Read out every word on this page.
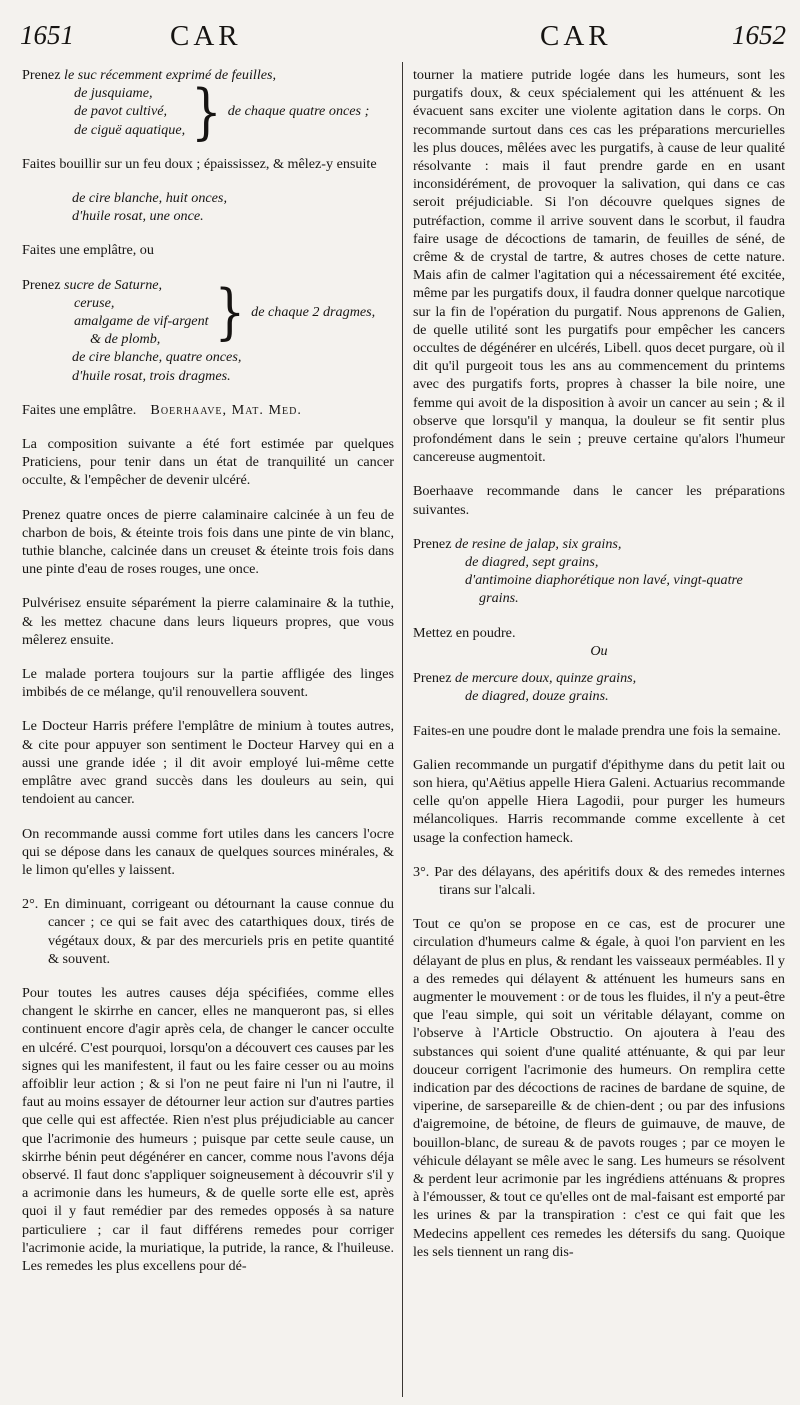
1651	CAR	CAR	1652
Prenez le suc récemment exprimé de feuilles,
de jusquiame,
de pavot cultivé,
de ciguë aquatique, } de chaque quatre onces ;

Faites bouillir sur un feu doux ; épaississez, & mêlez-y ensuite

de cire blanche, huit onces,
d'huile rosat, une once.

Faites une emplâtre, ou

Prenez sucre de Saturne,
ceruse,
amalgame de vif-argent
& de plomb,	} de chaque 2 dragmes,
de cire blanche, quatre onces,
d'huile rosat, trois dragmes.

Faites une emplâtre. Boerhaave, Mat. Med.

La composition suivante a été fort estimée par quelques Praticiens, pour tenir dans un état de tranquilité un cancer occulte, & l'empêcher de devenir ulcéré.

Prenez quatre onces de pierre calaminaire calcinée à un feu de charbon de bois, & éteinte trois fois dans une pinte de vin blanc, tuthie blanche, calcinée dans un creuset & éteinte trois fois dans une pinte d'eau de roses rouges, une once.

Pulvérisez ensuite séparément la pierre calaminaire & la tuthie, & les mettez chacune dans leurs liqueurs propres, que vous mêlerez ensuite.

Le malade portera toujours sur la partie affligée des linges imbibés de ce mélange, qu'il renouvellera souvent.

Le Docteur Harris préfere l'emplâtre de minium à toutes autres, & cite pour appuyer son sentiment le Docteur Harvey qui en a aussi une grande idée ; il dit avoir employé lui-même cette emplâtre avec grand succès dans les douleurs au sein, qui tendoient au cancer.

On recommande aussi comme fort utiles dans les cancers l'ocre qui se dépose dans les canaux de quelques sources minérales, & le limon qu'elles y laissent.

2°. En diminuant, corrigeant ou détournant la cause connue du cancer ; ce qui se fait avec des catarthiques doux, tirés de végétaux doux, & par des mercuriels pris en petite quantité & souvent.

Pour toutes les autres causes déja spécifiées, comme elles changent le skirrhe en cancer, elles ne manqueront pas, si elles continuent encore d'agir après cela, de changer le cancer occulte en ulcéré. C'est pourquoi, lorsqu'on a découvert ces causes par les signes qui les manifestent, il faut ou les faire cesser ou au moins affoiblir leur action ; & si l'on ne peut faire ni l'un ni l'autre, il faut au moins essayer de détourner leur action sur d'autres parties que celle qui est affectée. Rien n'est plus préjudiciable au cancer que l'acrimonie des humeurs ; puisque par cette seule cause, un skirrhe bénin peut dégénérer en cancer, comme nous l'avons déja observé. Il faut donc s'appliquer soigneusement à découvrir s'il y a acrimonie dans les humeurs, & de quelle sorte elle est, après quoi il y faut remédier par des remedes opposés à sa nature particuliere ; car il faut différens remedes pour corriger l'acrimonie acide, la muriatique, la putride, la rance, & l'huileuse. Les remedes les plus excellens pour dé-

tourner la matiere putride logée dans les humeurs, sont les purgatifs doux, & ceux spécialement qui les atténuent & les évacuent sans exciter une violente agitation dans le corps. On recommande surtout dans ces cas les préparations mercurielles les plus douces, mêlées avec les purgatifs, à cause de leur qualité résolvante : mais il faut prendre garde en en usant inconsidérément, de provoquer la salivation, qui dans ce cas seroit préjudiciable. Si l'on découvre quelques signes de putréfaction, comme il arrive souvent dans le scorbut, il faudra faire usage de décoctions de tamarin, de feuilles de séné, de crême & de crystal de tartre, & autres choses de cette nature. Mais afin de calmer l'agitation qui a nécessairement été excitée, même par les purgatifs doux, il faudra donner quelque narcotique sur la fin de l'opération du purgatif. Nous apprenons de Galien, de quelle utilité sont les purgatifs pour empêcher les cancers occultes de dégénérer en ulcérés, Libell. quos decet purgare, où il dit qu'il purgeoit tous les ans au commencement du printems avec des purgatifs forts, propres à chasser la bile noire, une femme qui avoit de la disposition à avoir un cancer au sein ; & il observe que lorsqu'il y manqua, la douleur se fit sentir plus profondément dans le sein ; preuve certaine qu'alors l'humeur cancereuse augmentoit.

Boerhaave recommande dans le cancer les préparations suivantes.

Prenez de resine de jalap, six grains,
de diagred, sept grains,
d'antimoine diaphorétique non lavé, vingt-quatre
grains.

Mettez en poudre.

Ou

Prenez de mercure doux, quinze grains,
de diagred, douze grains.

Faites-en une poudre dont le malade prendra une fois la semaine.

Galien recommande un purgatif d'épithyme dans du petit lait ou son hiera, qu'Aëtius appelle Hiera Galeni. Actuarius recommande celle qu'on appelle Hiera Lagodii, pour purger les humeurs mélancoliques. Harris recommande comme excellente à cet usage la confection hameck.

3°. Par des délayans, des apéritifs doux & des remedes internes tirans sur l'alcali.

Tout ce qu'on se propose en ce cas, est de procurer une circulation d'humeurs calme & égale, à quoi l'on parvient en les délayant de plus en plus, & rendant les vaisseaux perméables. Il y a des remedes qui délayent & atténuent les humeurs sans en augmenter le mouvement : or de tous les fluides, il n'y a peut-être que l'eau simple, qui soit un véritable délayant, comme on l'observe à l'Article Obstructio. On ajoutera à l'eau des substances qui soient d'une qualité atténuante, & qui par leur douceur corrigent l'acrimonie des humeurs. On remplira cette indication par des décoctions de racines de bardane de squine, de viperine, de sarsepareille & de chien-dent ; ou par des infusions d'aigremoine, de bétoine, de fleurs de guimauve, de mauve, de bouillon-blanc, de sureau & de pavots rouges ; par ce moyen le véhicule délayant se mêle avec le sang. Les humeurs se résolvent & perdent leur acrimonie par les ingrédiens atténuans & propres à l'émousser, & tout ce qu'elles ont de mal-faisant est emporté par les urines & par la transpiration : c'est ce qui fait que les Medecins appellent ces remedes les détersifs du sang. Quoique les sels tiennent un rang dis-
